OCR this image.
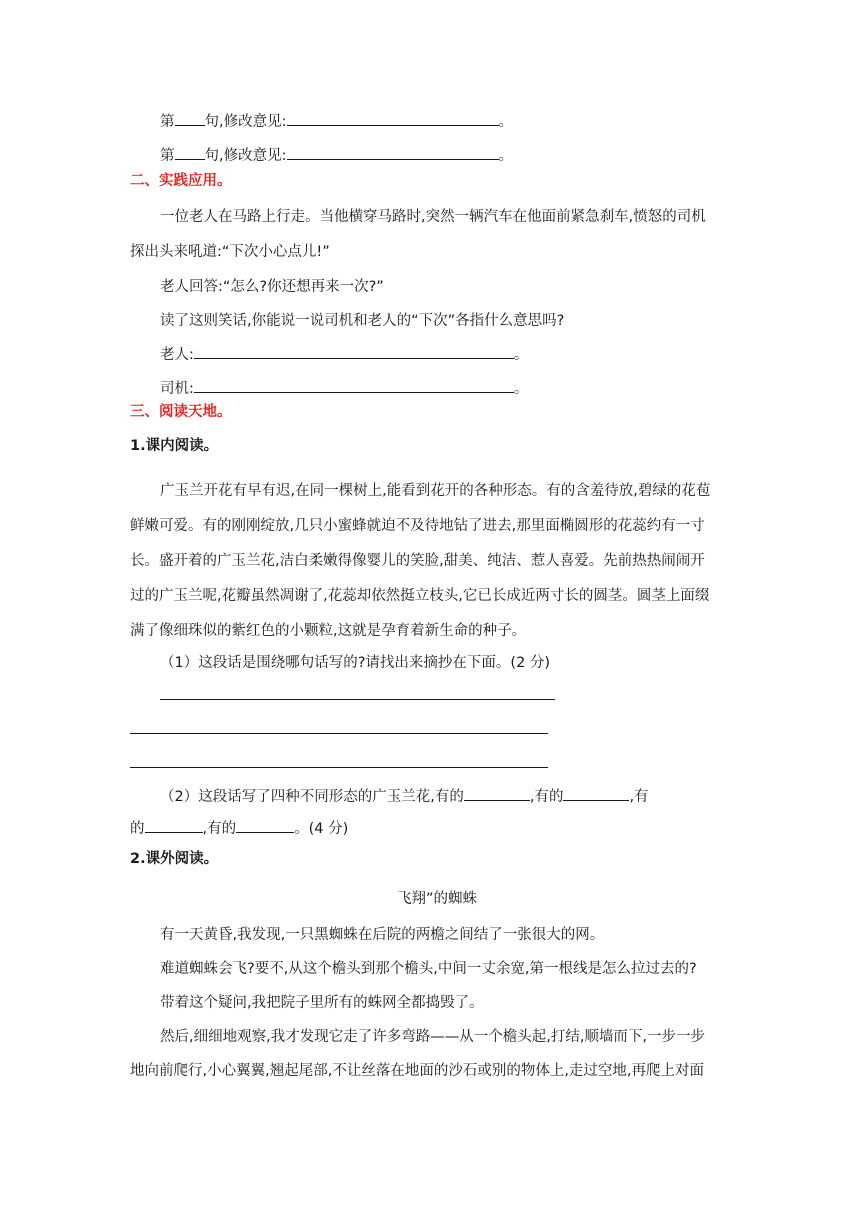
第 句,修改意见:	。
第 句,修改意见:	。
二、实践应用。
一位老人在马路上行走。当他横穿马路时,突然一辆汽车在他面前紧急刹车,愤怒的司机
探出头来吼道:“下次小心点儿!”
老人回答:“怎么?你还想再来一次?”
读了这则笑话,你能说一说司机和老人的“下次”各指什么意思吗?
老人:	。
司机:	。
三、阅读天地。
1.课内阅读。
广玉兰开花有早有迟,在同一棵树上,能看到花开的各种形态。有的含羞待放,碧绿的花苞
鲜嫩可爱。有的刚刚绽放,几只小蜜蜂就迫不及待地钻了进去,那里面椭圆形的花蕊约有一寸
长。盛开着的广玉兰花,洁白柔嫩得像婴儿的笑脸,甜美、纯洁、惹人喜爱。先前热热闹闹开
过的广玉兰呢,花瓣虽然凋谢了,花蕊却依然挺立枝头,它已长成近两寸长的圆茎。圆茎上面缀
满了像细珠似的紫红色的小颗粒,这就是孕育着新生命的种子。
（1）这段话是围绕哪句话写的?请找出来摘抄在下面。(2 分)
（2）这段话写了四种不同形态的广玉兰花,有的	,有的	,有
的	,有的	。(4 分)
2.课外阅读。
飞翔”的蜘蛛
有一天黄昏,我发现,一只黑蜘蛛在后院的两檐之间结了一张很大的网。
难道蜘蛛会飞?要不,从这个檐头到那个檐头,中间一丈余宽,第一根线是怎么拉过去的?
带着这个疑问,我把院子里所有的蛛网全都捣毁了。
然后,细细地观察,我才发现它走了许多弯路——从一个檐头起,打结,顺墙而下,一步一步
地向前爬行,小心翼翼,翘起尾部,不让丝落在地面的沙石或别的物体上,走过空地,再爬上对面
